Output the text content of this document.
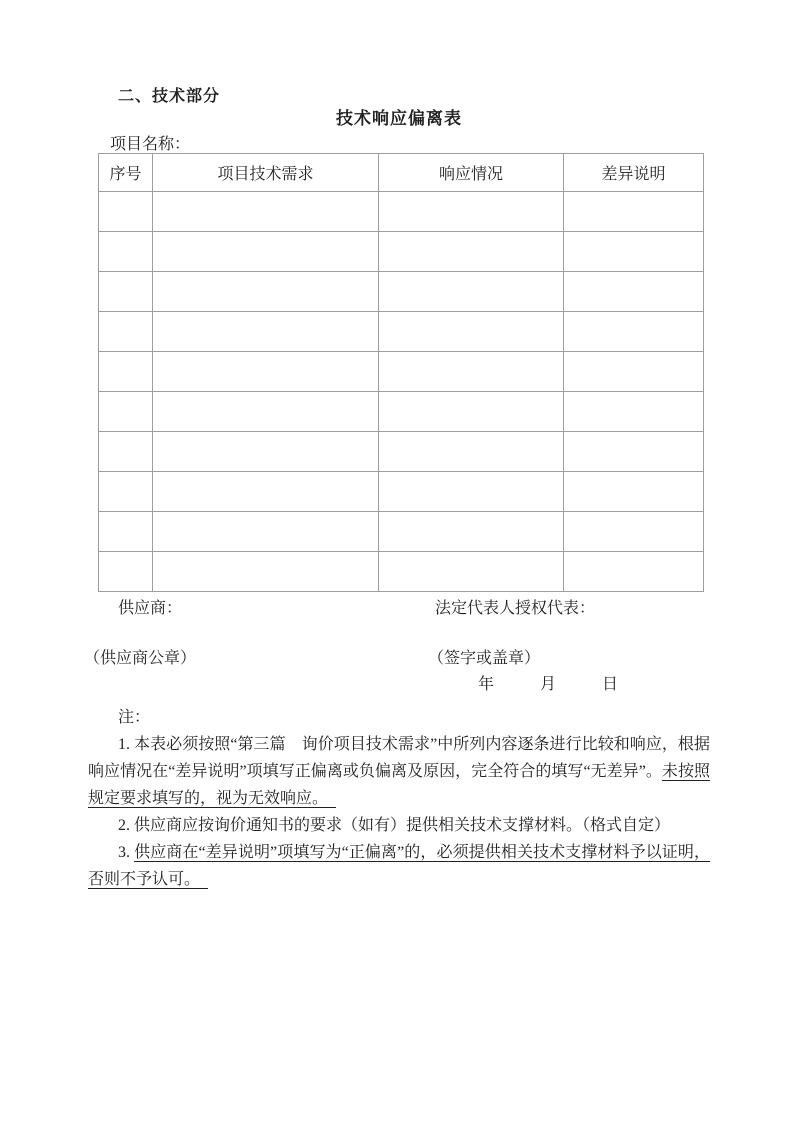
二、技术部分
技术响应偏离表
项目名称：
序号	项目技术需求	响应情况	差异说明

供应商：	法定代表人授权代表：
（供应商公章）	（签字或盖章）
年	月	日
注：

1. 本表必须按照“第三篇　询价项目技术需求”中所列内容逐条进行比较和响应，根据响应情况在“差异说明”项填写正偏离或负偏离及原因，完全符合的填写“无差异”。未按照规定要求填写的，视为无效响应。　

2. 供应商应按询价通知书的要求（如有）提供相关技术支撑材料。（格式自定）

3. 供应商在“差异说明”项填写为“正偏离”的，必须提供相关技术支撑材料予以证明，否则不予认可。　
